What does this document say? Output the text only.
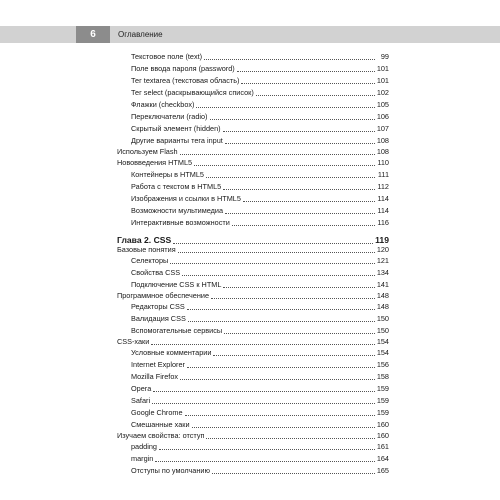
6	Оглавление
Текстовое поле (text)	99
Поле ввода пароля (password)	101
Тег textarea (текстовая область)	101
Тег select (раскрывающийся список)	102
Флажки (checkbox)	105
Переключатели (radio)	106
Скрытый элемент (hidden)	107
Другие варианты тега input	108
Используем Flash	108
Нововведения HTML5	110
Контейнеры в HTML5	111
Работа с текстом в HTML5	112
Изображения и ссылки в HTML5	114
Возможности мультимедиа	114
Интерактивные возможности	116
Глава 2. CSS	119
Базовые понятия	120
Селекторы	121
Свойства CSS	134
Подключение CSS к HTML	141
Программное обеспечение	148
Редакторы CSS	148
Валидация CSS	150
Вспомогательные сервисы	150
CSS-хаки	154
Условные комментарии	154
Internet Explorer	156
Mozilla Firefox	158
Opera	159
Safari	159
Google Chrome	159
Смешанные хаки	160
Изучаем свойства: отступ	160
padding	161
margin	164
Отступы по умолчанию	165
